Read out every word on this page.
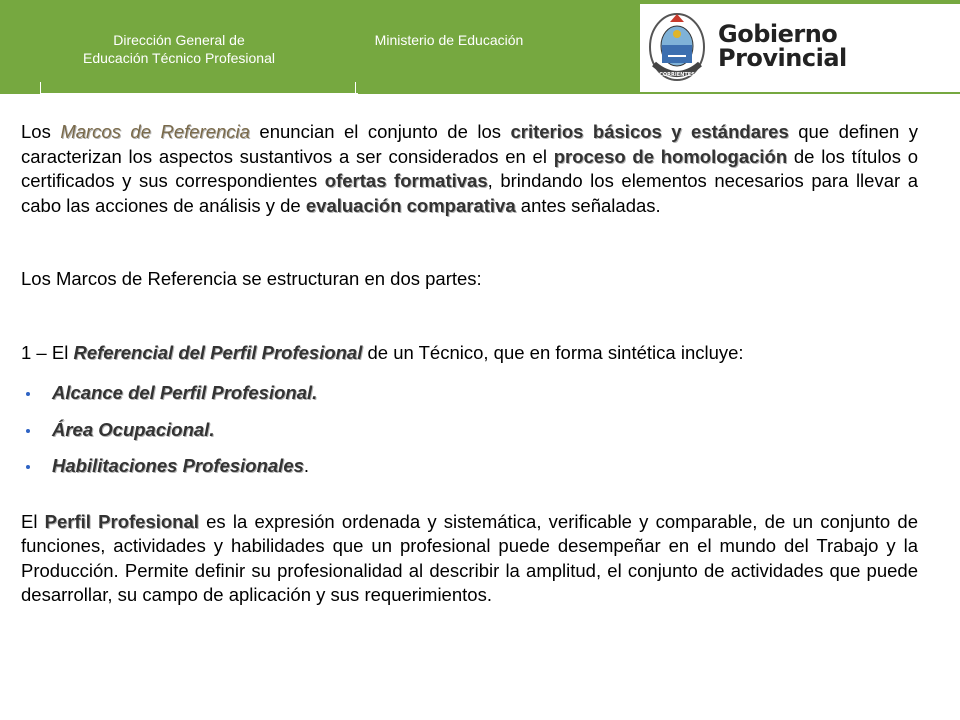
Dirección General de
Educación Técnico Profesional
Ministerio de Educación
CORRIENTES
Gobierno
Provincial

Los Marcos de Referencia enuncian el conjunto de los criterios básicos y estándares que definen y caracterizan los aspectos sustantivos a ser considerados en el proceso de homologación de los títulos o certificados y sus correspondientes ofertas formativas, brindando los elementos necesarios para llevar a cabo las acciones de análisis y de evaluación comparativa antes señaladas.

Los Marcos de Referencia se estructuran en dos partes:

1 – El Referencial del Perfil Profesional de un Técnico, que en forma sintética incluye:

Alcance del Perfil Profesional.
Área Ocupacional.
Habilitaciones Profesionales.

El Perfil Profesional es la expresión ordenada y sistemática, verificable y comparable, de un conjunto de funciones, actividades y habilidades que un profesional puede desempeñar en el mundo del Trabajo y la Producción. Permite definir su profesionalidad al describir la amplitud, el conjunto de actividades que puede desarrollar, su campo de aplicación y sus requerimientos.
